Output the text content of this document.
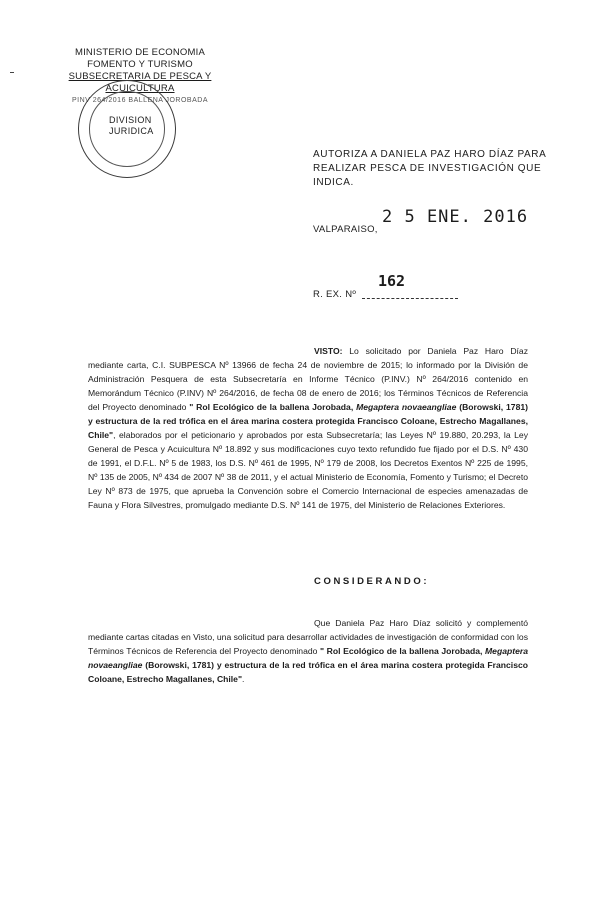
MINISTERIO DE ECONOMIA
FOMENTO Y TURISMO
SUBSECRETARIA DE PESCA Y ACUICULTURA
PINV 264/2016 BALLENA JOROBADA
DIVISION
JURIDICA
AUTORIZA A DANIELA PAZ HARO DÍAZ PARA
REALIZAR PESCA DE INVESTIGACIÓN QUE INDICA.
VALPARAISO,
2 5 ENE. 2016
R. EX. Nº
162
VISTO: Lo solicitado por Daniela Paz Haro Díaz mediante carta, C.I. SUBPESCA Nº 13966 de fecha 24 de noviembre de 2015; lo informado por la División de Administración Pesquera de esta Subsecretaría en Informe Técnico (P.INV.) Nº 264/2016 contenido en Memorándum Técnico (P.INV) Nº 264/2016, de fecha 08 de enero de 2016; los Términos Técnicos de Referencia del Proyecto denominado " Rol Ecológico de la ballena Jorobada, Megaptera novaeangliae (Borowski, 1781) y estructura de la red trófica en el área marina costera protegida Francisco Coloane, Estrecho Magallanes, Chile", elaborados por el peticionario y aprobados por esta Subsecretaría; las Leyes Nº 19.880, 20.293, la Ley General de Pesca y Acuicultura Nº 18.892 y sus modificaciones cuyo texto refundido fue fijado por el D.S. Nº 430 de 1991, el D.F.L. Nº 5 de 1983, los D.S. Nº 461 de 1995, Nº 179 de 2008, los Decretos Exentos Nº 225 de 1995, Nº 135 de 2005, Nº 434 de 2007 Nº 38 de 2011, y el actual Ministerio de Economía, Fomento y Turismo; el Decreto Ley Nº 873 de 1975, que aprueba la Convención sobre el Comercio Internacional de especies amenazadas de Fauna y Flora Silvestres, promulgado mediante D.S. Nº 141 de 1975, del Ministerio de Relaciones Exteriores.
CONSIDERANDO:
Que Daniela Paz Haro Díaz solicitó y complementó mediante cartas citadas en Visto, una solicitud para desarrollar actividades de investigación de conformidad con los Términos Técnicos de Referencia del Proyecto denominado " Rol Ecológico de la ballena Jorobada, Megaptera novaeangliae (Borowski, 1781) y estructura de la red trófica en el área marina costera protegida Francisco Coloane, Estrecho Magallanes, Chile".
